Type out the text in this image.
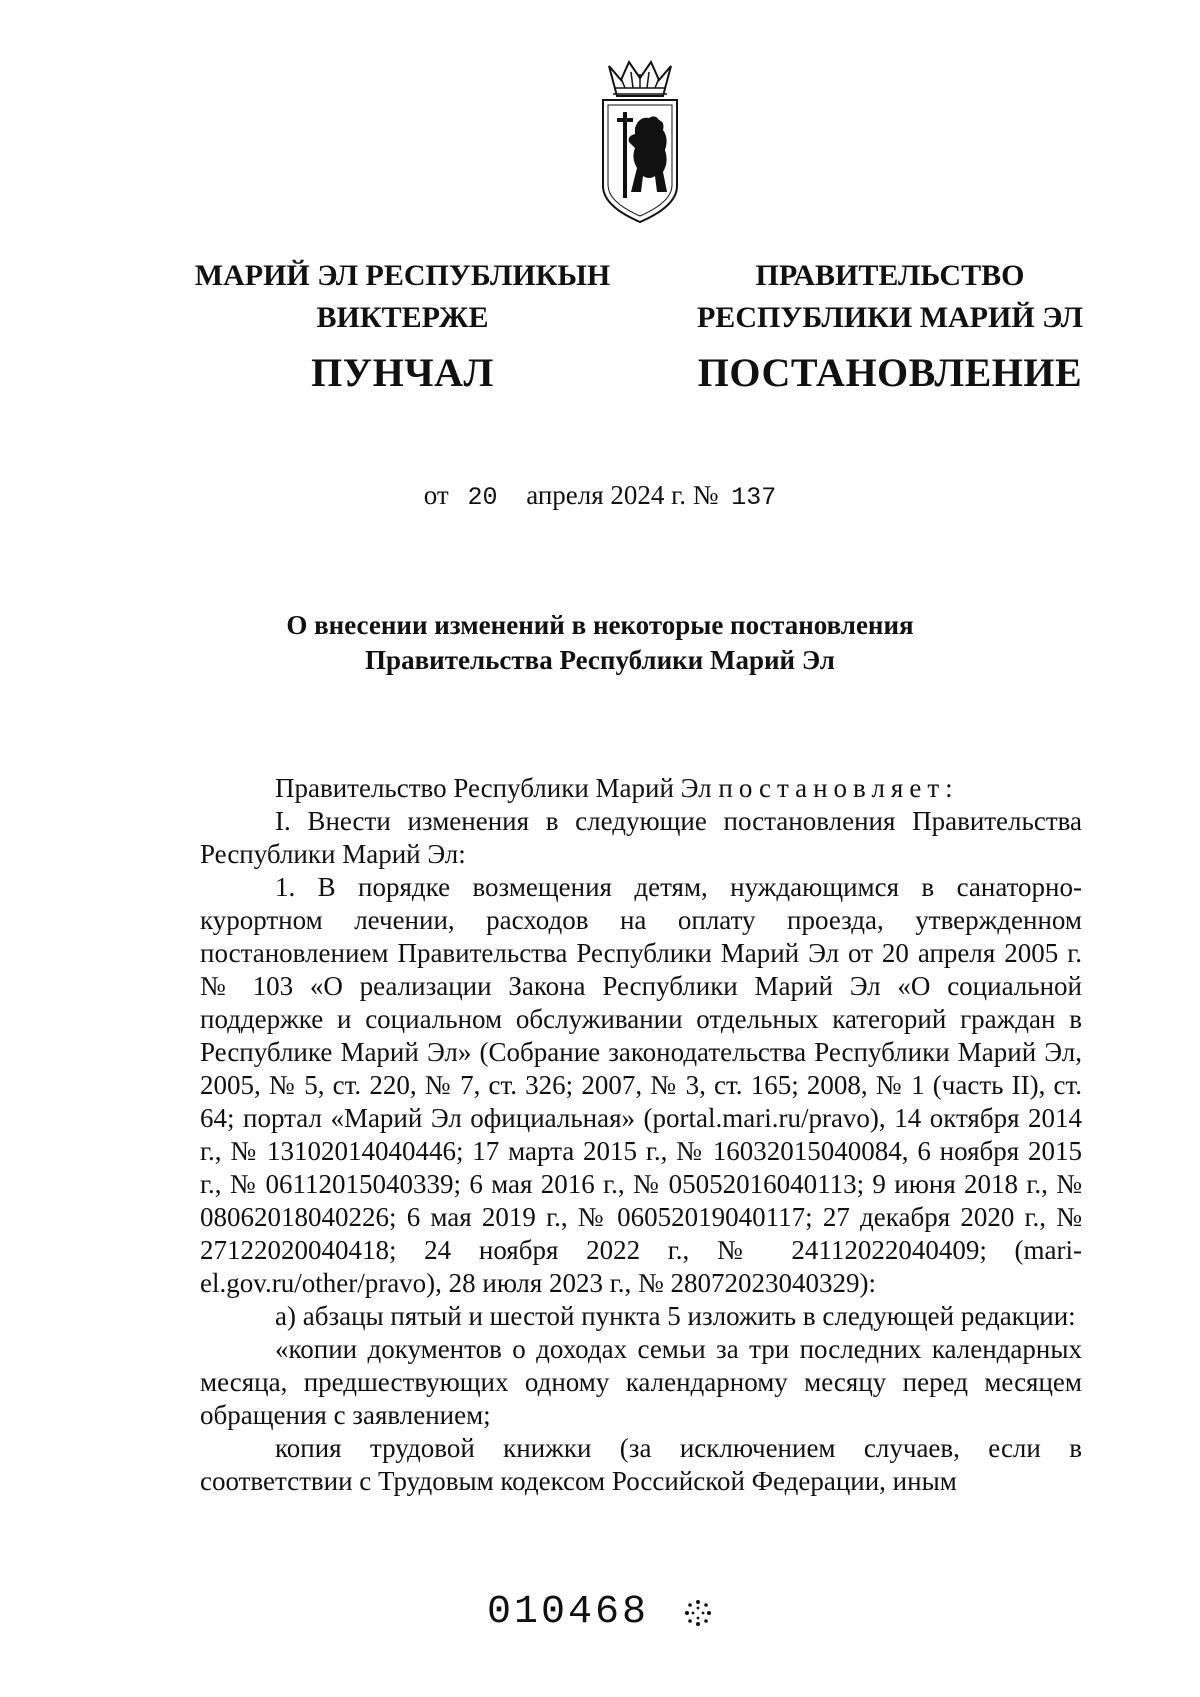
МАРИЙ ЭЛ РЕСПУБЛИКЫН
ВИКТЕРЖЕ
ПУНЧАЛ
ПРАВИТЕЛЬСТВО
РЕСПУБЛИКИ МАРИЙ ЭЛ
ПОСТАНОВЛЕНИЕ
от 20 апреля 2024 г. № 137
О внесении изменений в некоторые постановления
Правительства Республики Марий Эл

Правительство Республики Марий Эл постановляет:

I. Внести изменения в следующие постановления Правительства Республики Марий Эл:

1. В порядке возмещения детям, нуждающимся в санаторно-курортном лечении, расходов на оплату проезда, утвержденном постановлением Правительства Республики Марий Эл от 20 апреля 2005 г. № 103 «О реализации Закона Республики Марий Эл «О социальной поддержке и социальном обслуживании отдельных категорий граждан в Республике Марий Эл» (Собрание законодательства Республики Марий Эл, 2005, № 5, ст. 220, № 7, ст. 326; 2007, № 3, ст. 165; 2008, № 1 (часть II), ст. 64; портал «Марий Эл официальная» (portal.mari.ru/pravo), 14 октября 2014 г., № 13102014040446; 17 марта 2015 г., № 16032015040084, 6 ноября 2015 г., № 06112015040339; 6 мая 2016 г., № 05052016040113; 9 июня 2018 г., № 08062018040226; 6 мая 2019 г., № 06052019040117; 27 декабря 2020 г., № 27122020040418; 24 ноября 2022 г., № 24112022040409; (mari-el.gov.ru/other/pravo), 28 июля 2023 г., № 28072023040329):

а) абзацы пятый и шестой пункта 5 изложить в следующей редакции:

«копии документов о доходах семьи за три последних календарных месяца, предшествующих одному календарному месяцу перед месяцем обращения с заявлением;

копия трудовой книжки (за исключением случаев, если в соответствии с Трудовым кодексом Российской Федерации, иным

010468
